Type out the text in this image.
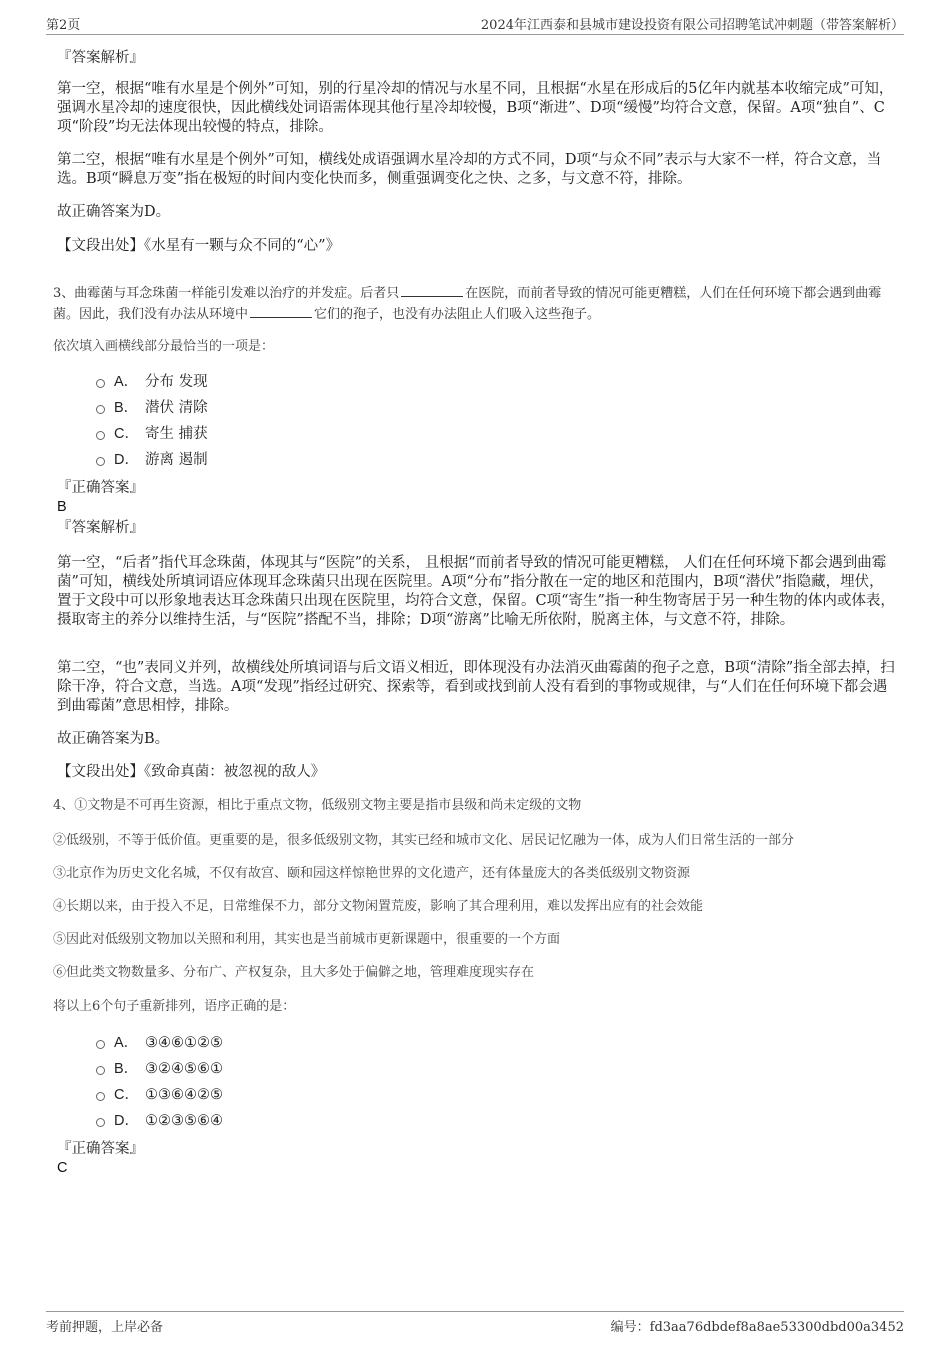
第2页	2024年江西泰和县城市建设投资有限公司招聘笔试冲刺题（带答案解析）
『答案解析』
第一空，根据“唯有水星是个例外”可知，别的行星冷却的情况与水星不同，且根据“水星在形成后的5亿年内就基本收缩完成”可知，强调水星冷却的速度很快，因此横线处词语需体现其他行星冷却较慢，B项“渐进”、D项“缓慢”均符合文意，保留。A项“独自”、C项“阶段”均无法体现出较慢的特点，排除。
第二空，根据“唯有水星是个例外”可知，横线处成语强调水星冷却的方式不同，D项“与众不同”表示与大家不一样，符合文意，当选。B项“瞬息万变”指在极短的时间内变化快而多，侧重强调变化之快、之多，与文意不符，排除。
故正确答案为D。
【文段出处】《水星有一颗与众不同的“心”》
3、曲霉菌与耳念珠菌一样能引发难以治疗的并发症。后者只	在医院，而前者导致的情况可能更糟糕，人们在任何环境下都会遇到曲霉菌。因此，我们没有办法从环境中	它们的孢子，也没有办法阻止人们吸入这些孢子。
依次填入画横线部分最恰当的一项是：
A． 分布 发现
B． 潜伏 清除
C． 寄生 捕获
D． 游离 遏制
『正确答案』
B
『答案解析』
第一空，“后者”指代耳念珠菌，体现其与“医院”的关系， 且根据“而前者导致的情况可能更糟糕， 人们在任何环境下都会遇到曲霉菌”可知，横线处所填词语应体现耳念珠菌只出现在医院里。A项“分布”指分散在一定的地区和范围内，B项“潜伏”指隐藏，埋伏，置于文段中可以形象地表达耳念珠菌只出现在医院里，均符合文意，保留。C项“寄生”指一种生物寄居于另一种生物的体内或体表，摄取寄主的养分以维持生活，与“医院”搭配不当，排除；D项“游离”比喻无所依附，脱离主体，与文意不符，排除。
第二空，“也”表同义并列，故横线处所填词语与后文语义相近，即体现没有办法消灭曲霉菌的孢子之意，B项“清除”指全部去掉，扫除干净，符合文意，当选。A项“发现”指经过研究、探索等，看到或找到前人没有看到的事物或规律，与“人们在任何环境下都会遇到曲霉菌”意思相悖，排除。
故正确答案为B。
【文段出处】《致命真菌：被忽视的敌人》
4、①文物是不可再生资源，相比于重点文物，低级别文物主要是指市县级和尚未定级的文物
②低级别，不等于低价值。更重要的是，很多低级别文物，其实已经和城市文化、居民记忆融为一体，成为人们日常生活的一部分
③北京作为历史文化名城，不仅有故宫、颐和园这样惊艳世界的文化遗产，还有体量庞大的各类低级别文物资源
④长期以来，由于投入不足，日常维保不力，部分文物闲置荒废，影响了其合理利用，难以发挥出应有的社会效能
⑤因此对低级别文物加以关照和利用，其实也是当前城市更新课题中，很重要的一个方面
⑥但此类文物数量多、分布广、产权复杂，且大多处于偏僻之地，管理难度现实存在
将以上6个句子重新排列，语序正确的是：
A． ③④⑥①②⑤
B． ③②④⑤⑥①
C． ①③⑥④②⑤
D． ①②③⑤⑥④
『正确答案』
C
考前押题，上岸必备	编号：fd3aa76dbdef8a8ae53300dbd00a3452
